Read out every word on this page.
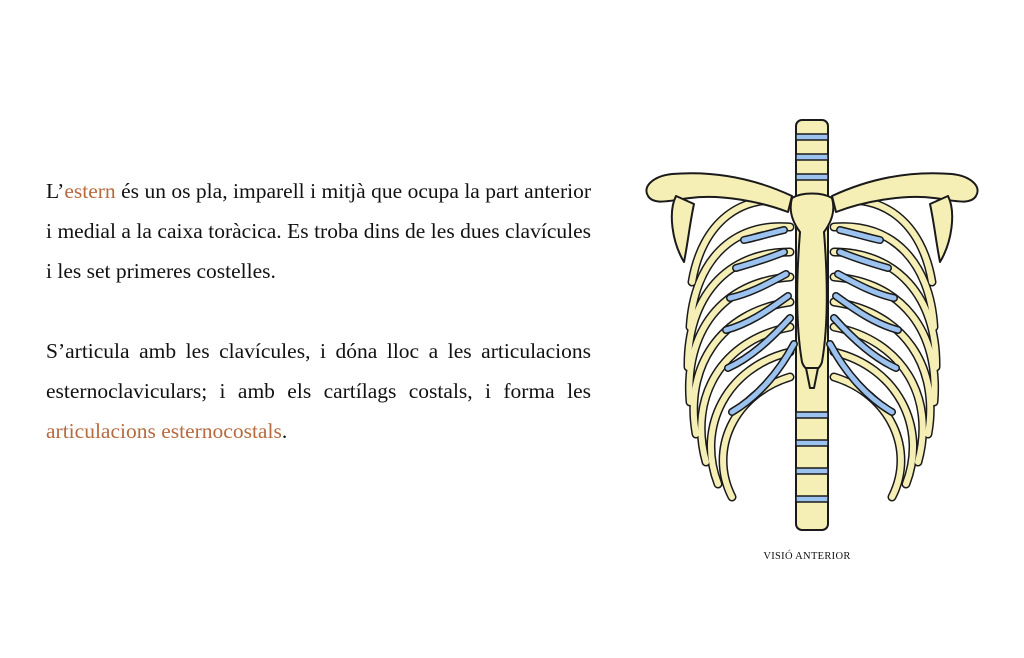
L’estern és un os pla, imparell i mitjà que ocupa la part anterior i medial a la caixa toràcica. Es troba dins de les dues clavícules i les set primeres costelles.

S’articula amb les clavícules, i dóna lloc a les articulacions esternoclaviculars; i amb els cartílags costals, i forma les articulacions esternocostals.

VISIÓ ANTERIOR
